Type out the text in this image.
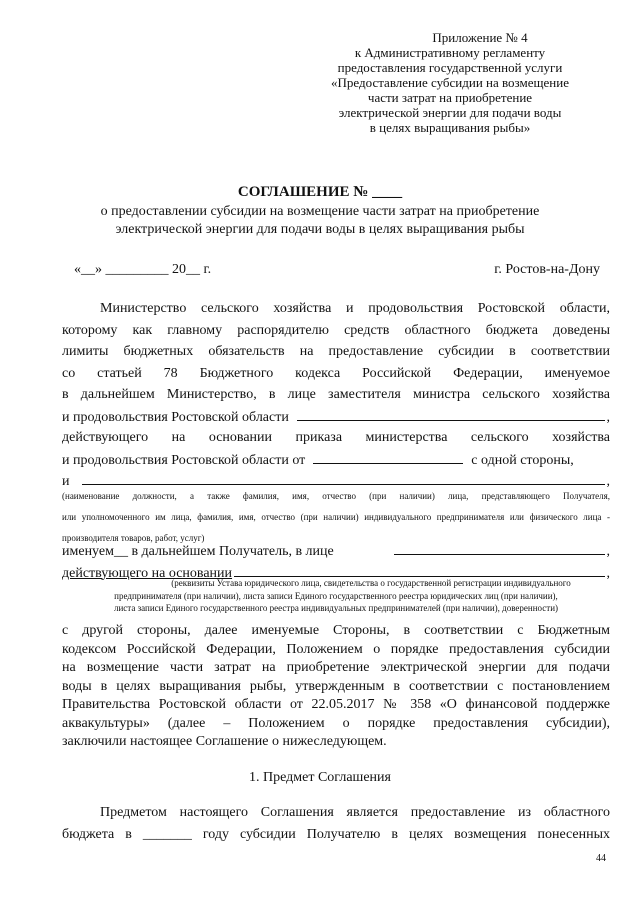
Приложение № 4
к Административному регламенту
предоставления государственной услуги
«Предоставление субсидии на возмещение
части затрат на приобретение
электрической энергии для подачи воды
в целях выращивания рыбы»
СОГЛАШЕНИЕ № ____
о предоставлении субсидии на возмещение части затрат на приобретение
электрической энергии для подачи воды в целях выращивания рыбы
«__» _________ 20__ г.	г. Ростов-на-Дону
Министерство сельского хозяйства и продовольствия Ростовской области,
которому как главному распорядителю средств областного бюджета доведены
лимиты бюджетных обязательств на предоставление субсидии в соответствии
со статьей 78 Бюджетного кодекса Российской Федерации, именуемое
в дальнейшем Министерство, в лице заместителя министра сельского хозяйства
и продовольствия Ростовской области	,
действующего на основании приказа министерства сельского хозяйства
и продовольствия Ростовской области от	с одной стороны,
и	,
(наименование должности, а также фамилия, имя, отчество (при наличии) лица, представляющего Получателя,
или уполномоченного им лица, фамилия, имя, отчество (при наличии) индивидуального предпринимателя или физического лица -
производителя товаров, работ, услуг)
именуем__ в дальнейшем Получатель, в лице	,
действующего на основании	,
(реквизиты Устава юридического лица, свидетельства о государственной регистрации индивидуального
предпринимателя (при наличии), листа записи Единого государственного реестра юридических лиц (при наличии),
листа записи Единого государственного реестра индивидуальных предпринимателей (при наличии), доверенности)
с другой стороны, далее именуемые Стороны, в соответствии с Бюджетным
кодексом Российской Федерации, Положением о порядке предоставления субсидии
на возмещение части затрат на приобретение электрической энергии для подачи
воды в целях выращивания рыбы, утвержденным в соответствии с постановлением
Правительства Ростовской области от 22.05.2017 № 358 «О финансовой поддержке
аквакультуры» (далее – Положением о порядке предоставления субсидии),
заключили настоящее Соглашение о нижеследующем.
1. Предмет Соглашения
Предметом настоящего Соглашения является предоставление из областного
бюджета в _______ году субсидии Получателю в целях возмещения понесенных
44
